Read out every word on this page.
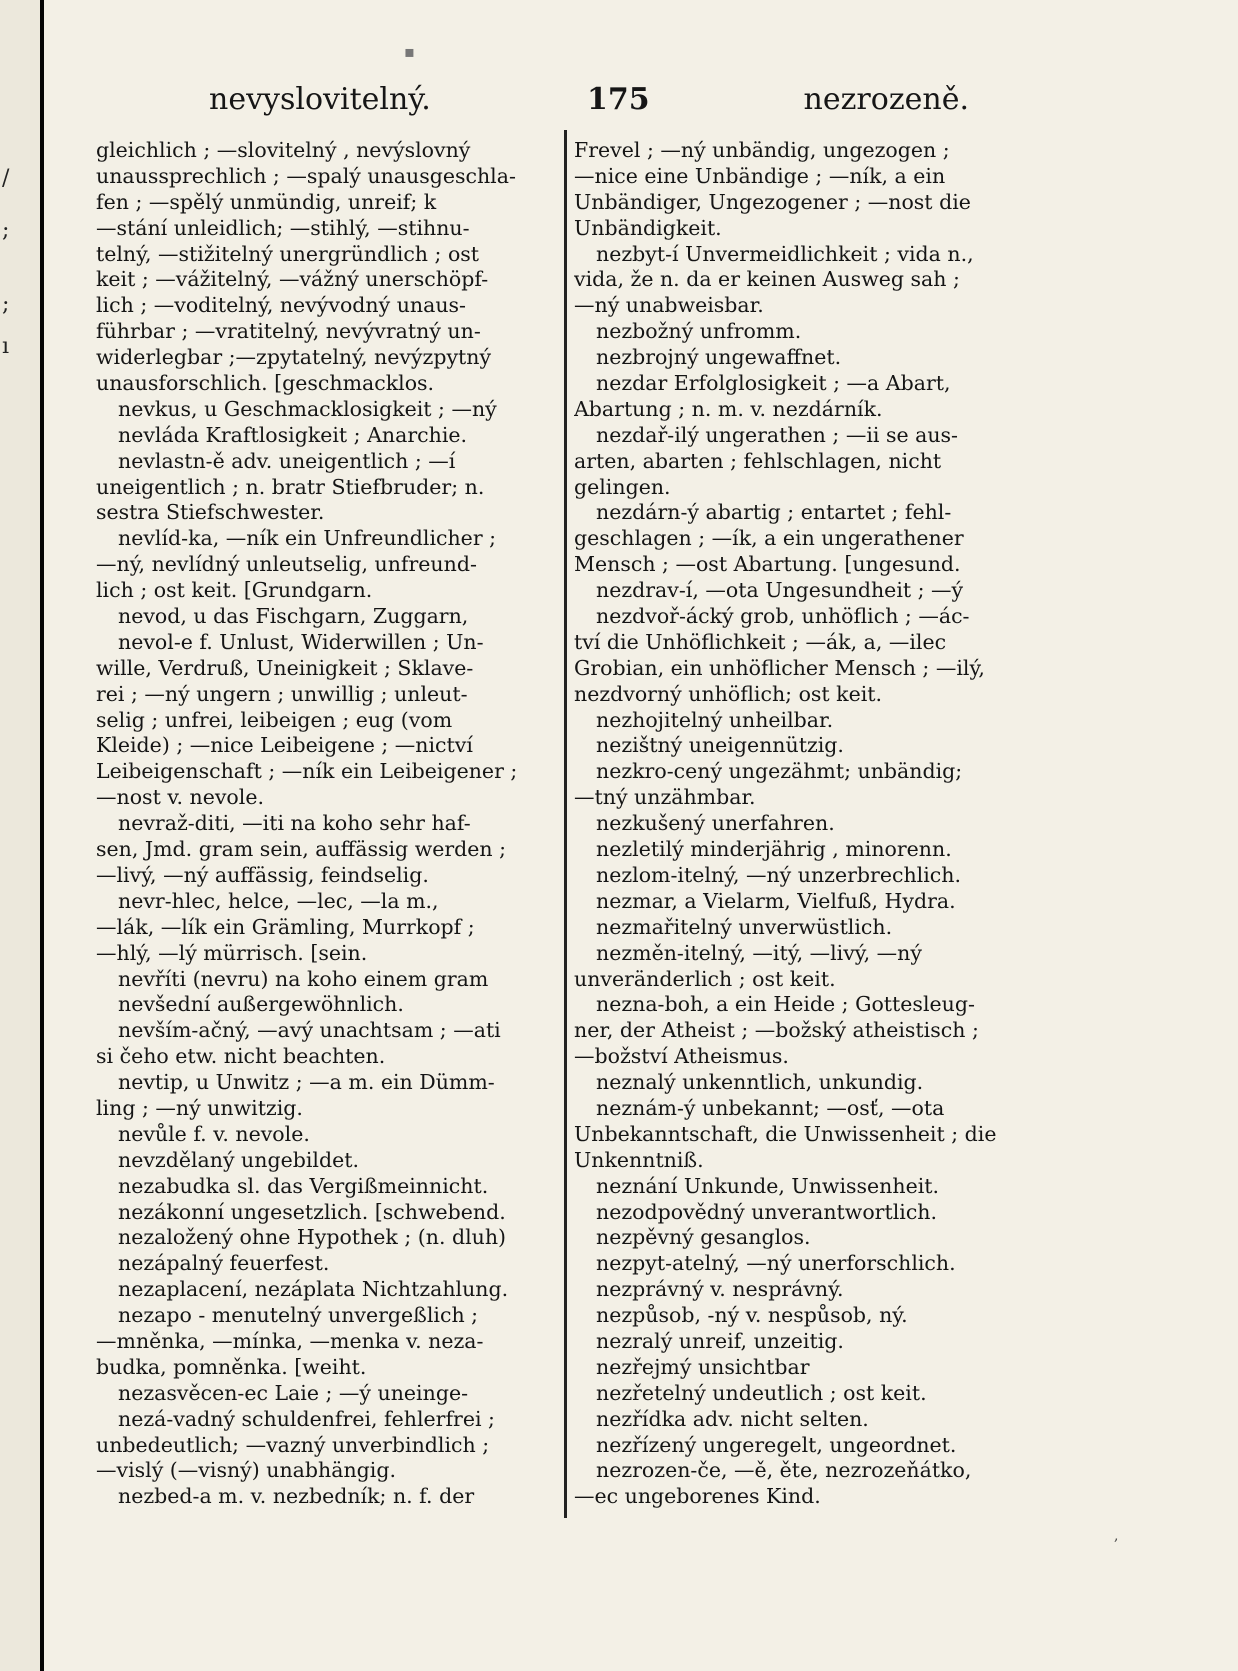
/
;
;
ı
▪
nevyslovitelný.	175	nezrozeně.
gleichlich ; —slovitelný , nevýslovný
unaussprechlich ; —spalý unausgeschla-
fen ; —spělý unmündig, unreif; k
—stání unleidlich; —stihlý, —stihnu-
telný, —stižitelný unergründlich ; ost
keit ; —vážitelný, —vážný unerschöpf-
lich ; —voditelný, nevývodný unaus-
führbar ; —vratitelný, nevývratný un-
widerlegbar ;—zpytatelný, nevýzpytný
unausforschlich. [geschmacklos.
nevkus, u Geschmacklosigkeit ; —ný
nevláda Kraftlosigkeit ; Anarchie.
nevlastn-ě adv. uneigentlich ; —í
uneigentlich ; n. bratr Stiefbruder; n.
sestra Stiefschwester.
nevlíd-ka, —ník ein Unfreundlicher ;
—ný, nevlídný unleutselig, unfreund-
lich ; ost keit. [Grundgarn.
nevod, u das Fischgarn, Zuggarn,
nevol-e f. Unlust, Widerwillen ; Un-
wille, Verdruß, Uneinigkeit ; Sklave-
rei ; —ný ungern ; unwillig ; unleut-
selig ; unfrei, leibeigen ; eug (vom
Kleide) ; —nice Leibeigene ; —nictví
Leibeigenschaft ; —ník ein Leibeigener ;
—nost v. nevole.
nevraž-diti, —iti na koho sehr haf-
sen, Jmd. gram sein, auffässig werden ;
—livý, —ný auffässig, feindselig.
nevr-hlec, helce, —lec, —la m.,
—lák, —lík ein Grämling, Murrkopf ;
—hlý, —lý mürrisch. [sein.
nevříti (nevru) na koho einem gram
nevšední außergewöhnlich.
nevším-ačný, —avý unachtsam ; —ati
si čeho etw. nicht beachten.
nevtip, u Unwitz ; —a m. ein Dümm-
ling ; —ný unwitzig.
nevůle f. v. nevole.
nevzdělaný ungebildet.
nezabudka sl. das Vergißmeinnicht.
nezákonní ungesetzlich. [schwebend.
nezaložený ohne Hypothek ; (n. dluh)
nezápalný feuerfest.
nezaplacení, nezáplata Nichtzahlung.
nezapo - menutelný unvergeßlich ;
—mněnka, —mínka, —menka v. neza-
budka, pomněnka. [weiht.
nezasvěcen-ec Laie ; —ý uneinge-
nezá-vadný schuldenfrei, fehlerfrei ;
unbedeutlich; —vazný unverbindlich ;
—vislý (—visný) unabhängig.
nezbed-a m. v. nezbedník; n. f. der
Frevel ; —ný unbändig, ungezogen ;
—nice eine Unbändige ; —ník, a ein
Unbändiger, Ungezogener ; —nost die
Unbändigkeit.
nezbyt-í Unvermeidlichkeit ; vida n.,
vida, že n. da er keinen Ausweg sah ;
—ný unabweisbar.
nezbožný unfromm.
nezbrojný ungewaffnet.
nezdar Erfolglosigkeit ; —a Abart,
Abartung ; n. m. v. nezdárník.
nezdař-ilý ungerathen ; —ii se aus-
arten, abarten ; fehlschlagen, nicht
gelingen.
nezdárn-ý abartig ; entartet ; fehl-
geschlagen ; —ík, a ein ungerathener
Mensch ; —ost Abartung. [ungesund.
nezdrav-í, —ota Ungesundheit ; —ý
nezdvoř-ácký grob, unhöflich ; —ác-
tví die Unhöflichkeit ; —ák, a, —ilec
Grobian, ein unhöflicher Mensch ; —ilý,
nezdvorný unhöflich; ost keit.
nezhojitelný unheilbar.
nezištný uneigennützig.
nezkro-cený ungezähmt; unbändig;
—tný unzähmbar.
nezkušený unerfahren.
nezletilý minderjährig , minorenn.
nezlom-itelný, —ný unzerbrechlich.
nezmar, a Vielarm, Vielfuß, Hydra.
nezmařitelný unverwüstlich.
nezměn-itelný, —itý, —livý, —ný
unveränderlich ; ost keit.
nezna-boh, a ein Heide ; Gottesleug-
ner, der Atheist ; —božský atheistisch ;
—božství Atheismus.
neznalý unkenntlich, unkundig.
neznám-ý unbekannt; —osť, —ota
Unbekanntschaft, die Unwissenheit ; die
Unkenntniß.
neznání Unkunde, Unwissenheit.
nezodpovědný unverantwortlich.
nezpěvný gesanglos.
nezpyt-atelný, —ný unerforschlich.
nezprávný v. nesprávný.
nezpůsob, -ný v. nespůsob, ný.
nezralý unreif, unzeitig.
nezřejmý unsichtbar
nezřetelný undeutlich ; ost keit.
nezřídka adv. nicht selten.
nezřízený ungeregelt, ungeordnet.
nezrozen-če, —ě, ěte, nezrozeňátko,
—ec ungeborenes Kind.
,
